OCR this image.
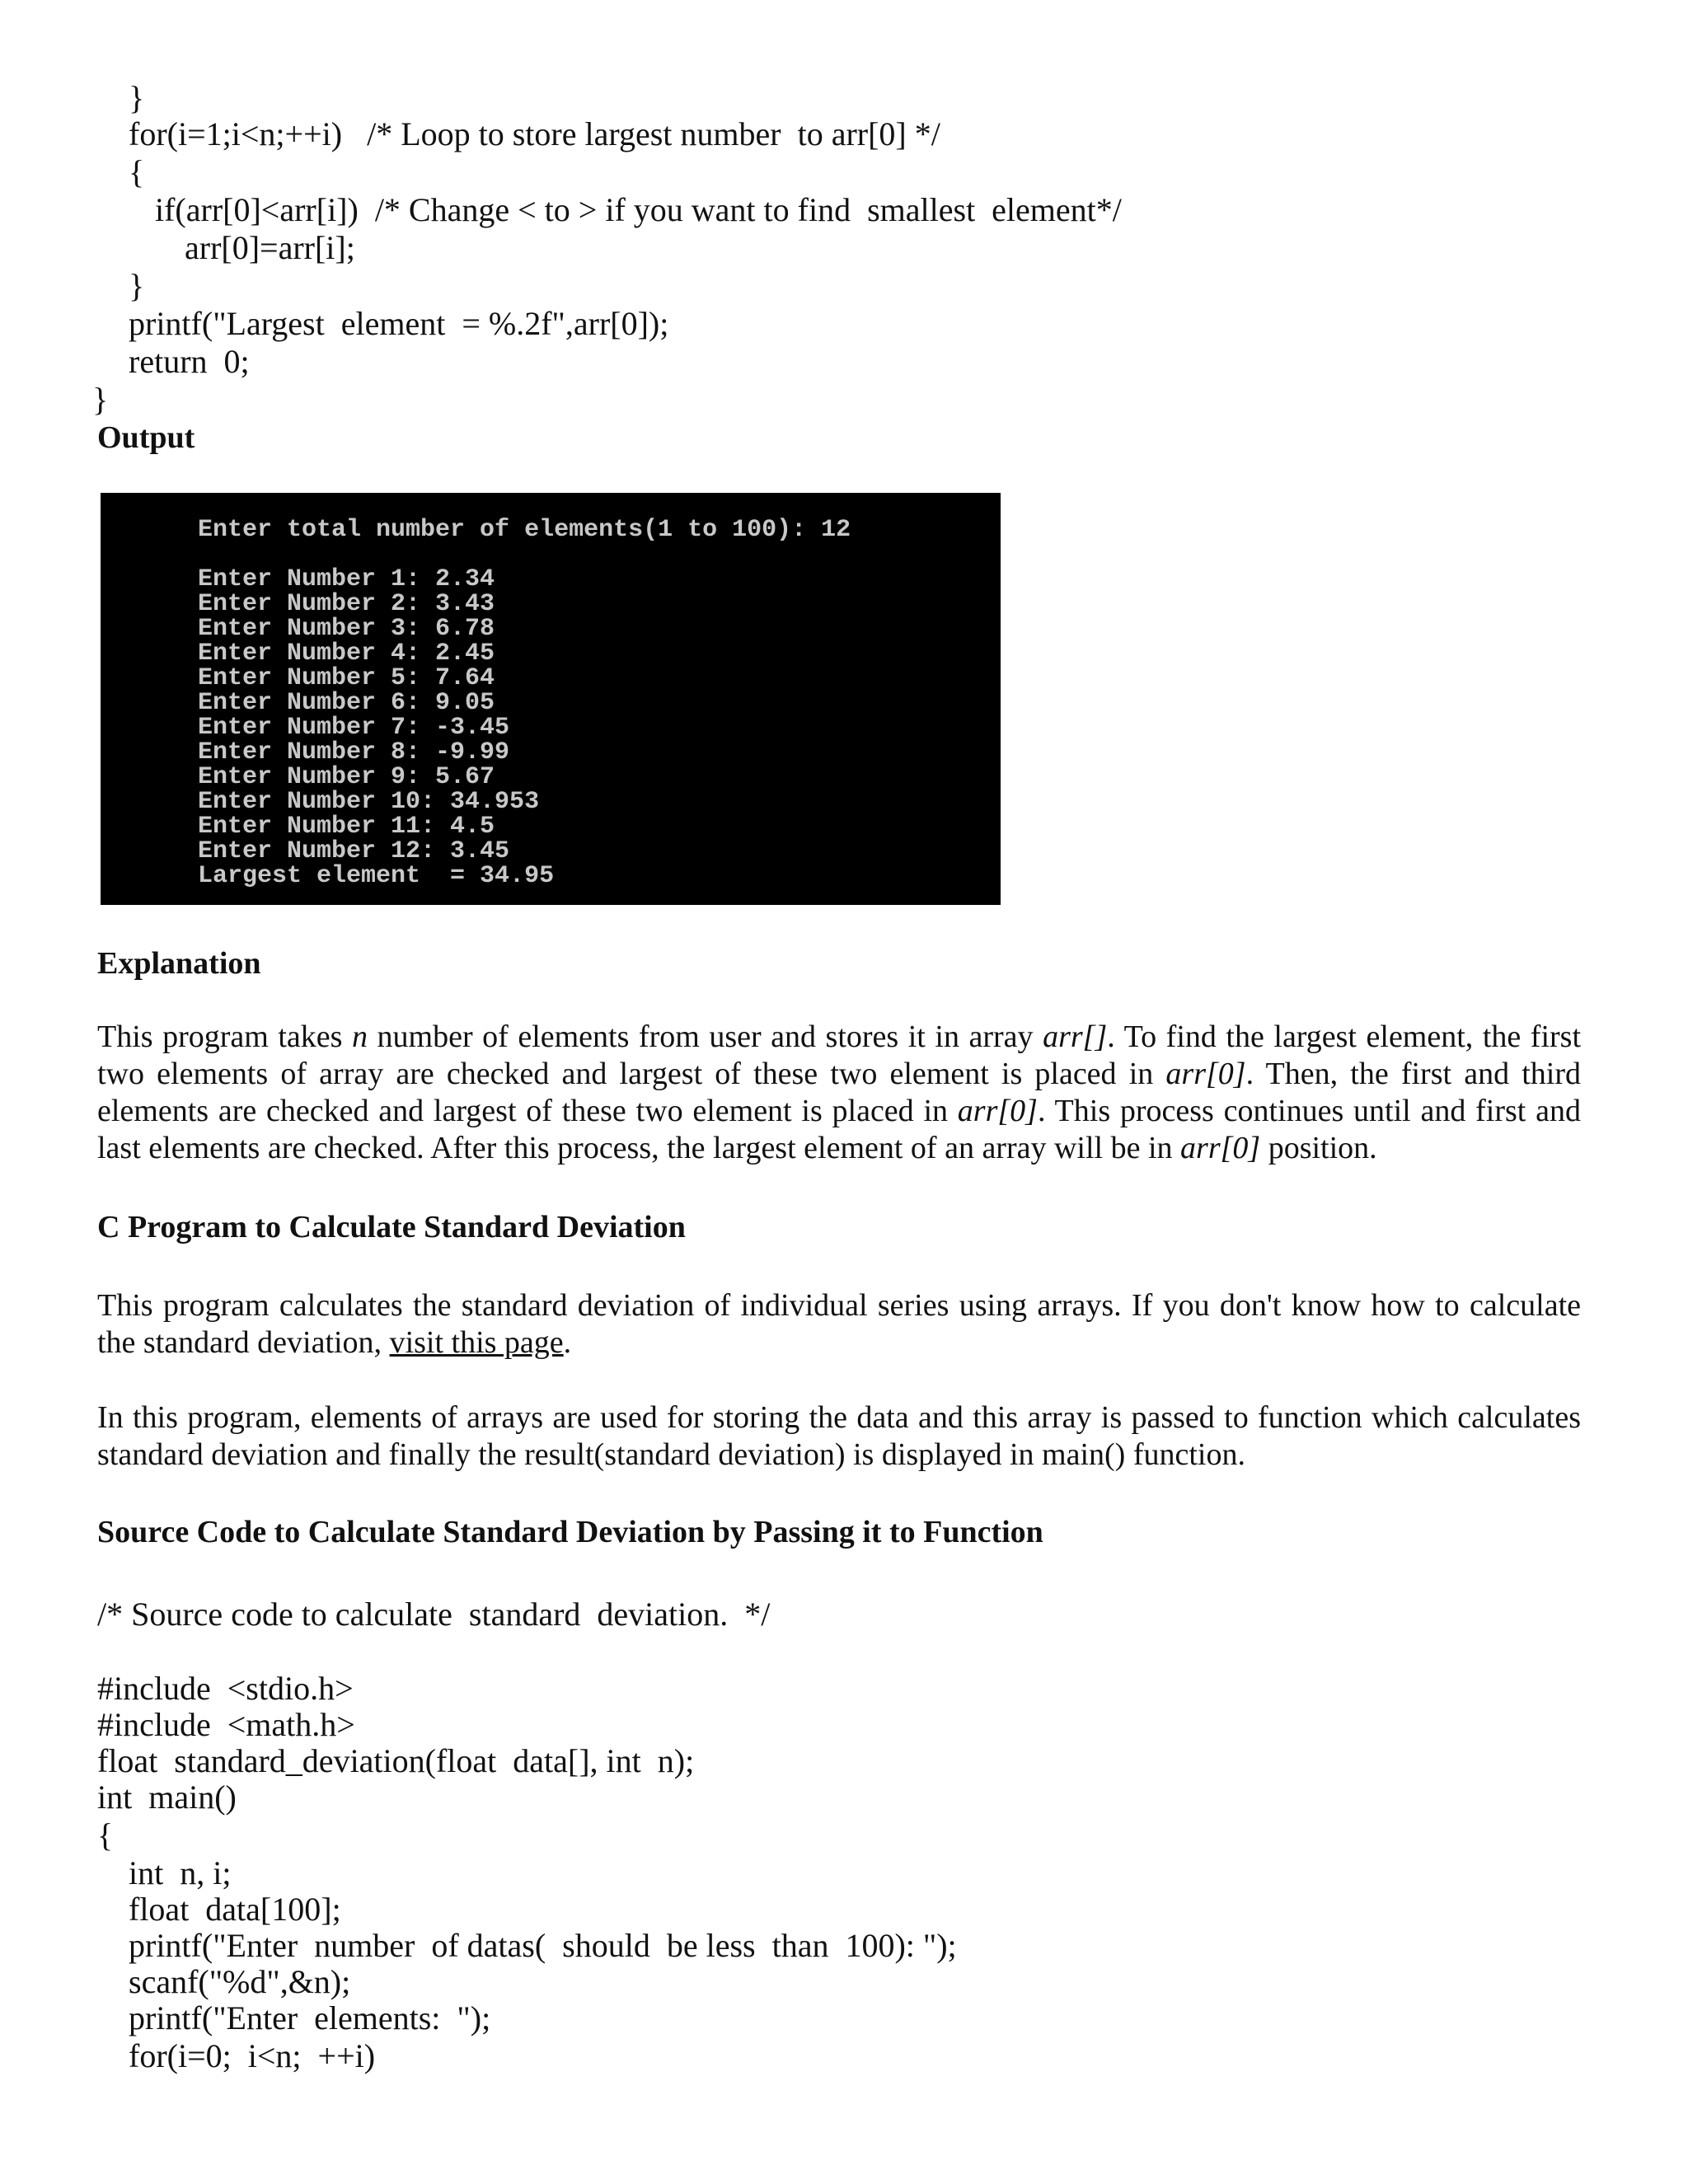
}
for(i=1;i<n;++i)   /* Loop to store largest number  to arr[0] */
{
if(arr[0]<arr[i])  /* Change < to > if you want to find  smallest  element*/
arr[0]=arr[i];
}
printf("Largest  element  = %.2f",arr[0]);
return  0;
}
Output
Enter total number of elements(1 to 100): 12
Enter Number 1: 2.34
Enter Number 2: 3.43
Enter Number 3: 6.78
Enter Number 4: 2.45
Enter Number 5: 7.64
Enter Number 6: 9.05
Enter Number 7: -3.45
Enter Number 8: -9.99
Enter Number 9: 5.67
Enter Number 10: 34.953
Enter Number 11: 4.5
Enter Number 12: 3.45
Largest element  = 34.95
Explanation
This program takes n number of elements from user and stores it in array arr[]. To find the largest element, the first two elements of array are checked and largest of these two element is placed in arr[0]. Then, the first and third elements are checked and largest of these two element is placed in arr[0]. This process continues until and first and last elements are checked. After this process, the largest element of an array will be in arr[0] position.
C Program to Calculate Standard Deviation
This program calculates the standard deviation of individual series using arrays. If you don't know how to calculate the standard deviation, visit this page.
In this program, elements of arrays are used for storing the data and this array is passed to function which calculates standard deviation and finally the result(standard deviation) is displayed in main() function.
Source Code to Calculate Standard Deviation by Passing it to Function
/* Source code to calculate  standard  deviation.  */
#include  <stdio.h>
#include  <math.h>
float  standard_deviation(float  data[], int  n);
int  main()
{
int  n, i;
float  data[100];
printf("Enter  number  of datas(  should  be less  than  100): ");
scanf("%d",&n);
printf("Enter  elements:  ");
for(i=0;  i<n;  ++i)
